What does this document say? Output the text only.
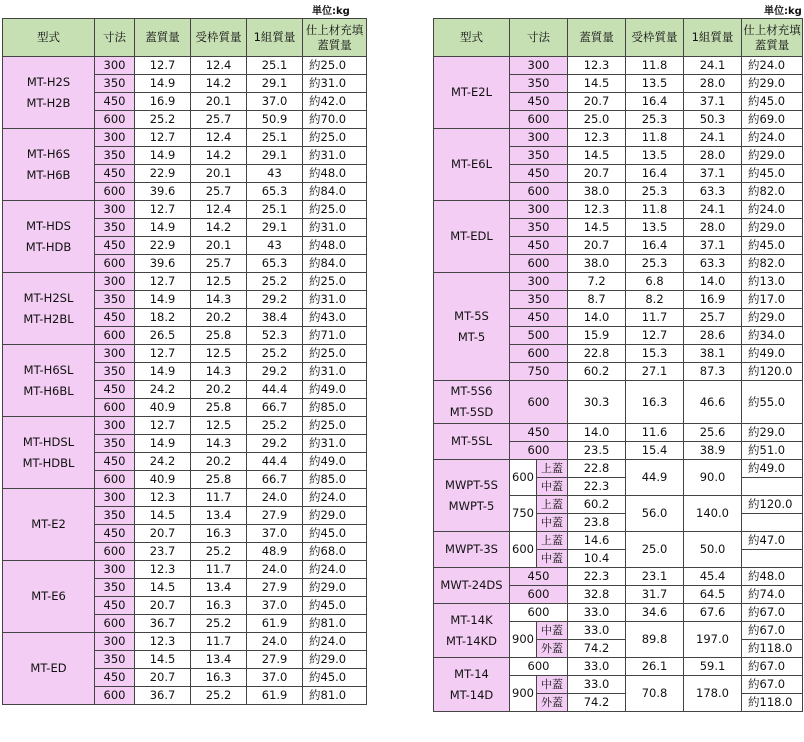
単位:kg	単位:kg
型式	寸法	蓋質量	受枠質量	1組質量	仕上材充填蓋質量
MT-H2S
MT-H2B	300	12.7	12.4	25.1	約25.0
	350	14.9	14.2	29.1	約31.0
	450	16.9	20.1	37.0	約42.0
	600	25.2	25.7	50.9	約70.0
MT-H6S
MT-H6B	300	12.7	12.4	25.1	約25.0
	350	14.9	14.2	29.1	約31.0
	450	22.9	20.1	43	約48.0
	600	39.6	25.7	65.3	約84.0
MT-HDS
MT-HDB	300	12.7	12.4	25.1	約25.0
	350	14.9	14.2	29.1	約31.0
	450	22.9	20.1	43	約48.0
	600	39.6	25.7	65.3	約84.0
MT-H2SL
MT-H2BL	300	12.7	12.5	25.2	約25.0
	350	14.9	14.3	29.2	約31.0
	450	18.2	20.2	38.4	約43.0
	600	26.5	25.8	52.3	約71.0
MT-H6SL
MT-H6BL	300	12.7	12.5	25.2	約25.0
	350	14.9	14.3	29.2	約31.0
	450	24.2	20.2	44.4	約49.0
	600	40.9	25.8	66.7	約85.0
MT-HDSL
MT-HDBL	300	12.7	12.5	25.2	約25.0
	350	14.9	14.3	29.2	約31.0
	450	24.2	20.2	44.4	約49.0
	600	40.9	25.8	66.7	約85.0
MT-E2	300	12.3	11.7	24.0	約24.0
	350	14.5	13.4	27.9	約29.0
	450	20.7	16.3	37.0	約45.0
	600	23.7	25.2	48.9	約68.0
MT-E6	300	12.3	11.7	24.0	約24.0
	350	14.5	13.4	27.9	約29.0
	450	20.7	16.3	37.0	約45.0
	600	36.7	25.2	61.9	約81.0
MT-ED	300	12.3	11.7	24.0	約24.0
	350	14.5	13.4	27.9	約29.0
	450	20.7	16.3	37.0	約45.0
	600	36.7	25.2	61.9	約81.0
型式	寸法		蓋質量	受枠質量	1組質量	仕上材充填蓋質量
MT-E2L	300		12.3	11.8	24.1	約24.0
	350		14.5	13.5	28.0	約29.0
	450		20.7	16.4	37.1	約45.0
	600		25.0	25.3	50.3	約69.0
MT-E6L	300		12.3	11.8	24.1	約24.0
	350		14.5	13.5	28.0	約29.0
	450		20.7	16.4	37.1	約45.0
	600		38.0	25.3	63.3	約82.0
MT-EDL	300		12.3	11.8	24.1	約24.0
	350		14.5	13.5	28.0	約29.0
	450		20.7	16.4	37.1	約45.0
	600		38.0	25.3	63.3	約82.0
MT-5S
MT-5	300		7.2	6.8	14.0	約13.0
	350		8.7	8.2	16.9	約17.0
	450		14.0	11.7	25.7	約29.0
	500		15.9	12.7	28.6	約34.0
	600		22.8	15.3	38.1	約49.0
	750		60.2	27.1	87.3	約120.0
MT-5S6
MT-5SD	600		30.3	16.3	46.6	約55.0
MT-5SL	450		14.0	11.6	25.6	約29.0
	600		23.5	15.4	38.9	約51.0
MWPT-5S
MWPT-5	600	上蓋	22.8	44.9	90.0	約49.0
		中蓋	22.3			
	750	上蓋	60.2	56.0	140.0	約120.0
		中蓋	23.8			
MWPT-3S	600	上蓋	14.6	25.0	50.0	約47.0
		中蓋	10.4			
MWT-24DS	450		22.3	23.1	45.4	約48.0
	600		32.8	31.7	64.5	約74.0
MT-14K
MT-14KD	600		33.0	34.6	67.6	約67.0
	900	中蓋	33.0	89.8	197.0	約67.0
		外蓋	74.2			約118.0
MT-14
MT-14D	600		33.0	26.1	59.1	約67.0
	900	中蓋	33.0	70.8	178.0	約67.0
		外蓋	74.2			約118.0
